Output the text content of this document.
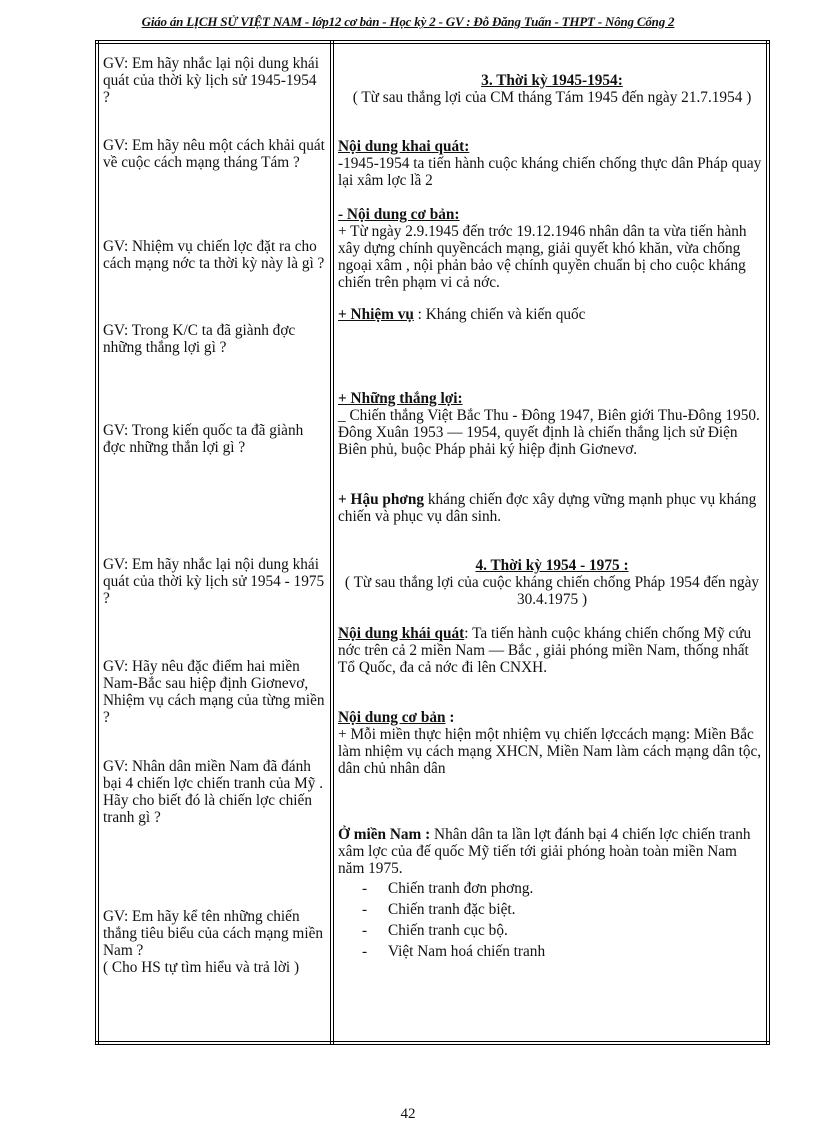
Giáo án LỊCH SỬ VIỆT NAM - lớp12 cơ bản - Học kỳ 2 - GV : Đỗ Đăng Tuấn - THPT - Nông Cống 2
GV: Em hãy nhắc lại nội dung khái quát của thời kỳ lịch sử 1945-1954 ?
GV: Em hãy nêu một cách khải quát về cuộc cách mạng tháng Tám ?
GV: Nhiệm vụ chiến lợc đặt ra cho cách mạng nớc ta thời kỳ này là gì ?
GV: Trong K/C ta đã giành đợc những thắng lợi gì ?
GV: Trong kiến quốc ta đã giành đợc những thắn lợi gì ?
GV: Em hãy nhắc lại nội dung khái quát của thời kỳ lịch sử 1954 - 1975 ?
GV: Hãy nêu đặc điểm hai miền Nam-Bắc sau hiệp định Giơnevơ, Nhiệm vụ cách mạng của từng miền ?
GV: Nhân dân miền Nam đã đánh bại 4 chiến lợc chiến tranh của Mỹ . Hãy cho biết đó là chiến lợc chiến tranh gì ?
GV: Em hãy kể tên những chiến thắng tiêu biểu của cách mạng miền Nam ?
( Cho HS tự tìm hiểu và trả lời )
3. Thời kỳ 1945-1954:
( Từ sau thắng lợi của CM tháng Tám 1945 đến ngày 21.7.1954 )
Nội dung khai quát:
-1945-1954 ta tiến hành cuộc kháng chiến chống thực dân Pháp quay lại xâm lợc lầ 2
- Nội dung cơ bản:
+ Từ ngày 2.9.1945 đến trớc 19.12.1946 nhân dân ta vừa tiến hành xây dựng chính quyềncách mạng, giải quyết khó khăn, vừa chống ngoại xâm , nội phản bảo vệ chính quyền chuẩn bị cho cuộc kháng chiến trên phạm vi cả nớc.
+ Nhiệm vụ : Kháng chiến và kiến quốc
+ Những thắng lợi:
_ Chiến thắng Việt Bắc Thu - Đông 1947, Biên giới Thu-Đông 1950. Đông Xuân 1953 — 1954, quyết định là chiến thắng lịch sử Điện Biên phủ, buộc Pháp phải ký hiệp định Giơnevơ.
+ Hậu phơng kháng chiến đợc xây dựng vững mạnh phục vụ kháng chiến và phục vụ dân sinh.
4. Thời kỳ 1954 - 1975 :
( Từ sau thắng lợi của cuộc kháng chiến chống Pháp 1954 đến ngày 30.4.1975 )
Nội dung khái quát: Ta tiến hành cuộc kháng chiến chống Mỹ cứu nớc trên cả 2 miền Nam — Bắc , giải phóng miền Nam, thống nhất Tổ Quốc, đa cả nớc đi lên CNXH.
Nội dung cơ bản :
+ Mỗi miền thực hiện một nhiệm vụ chiến lợccách mạng: Miền Bắc làm nhiệm vụ cách mạng XHCN, Miền Nam làm cách mạng dân tộc, dân chủ nhân dân
Ở miền Nam : Nhân dân ta lần lợt đánh bại 4 chiến lợc chiến tranh xâm lợc của đế quốc Mỹ tiến tới giải phóng hoàn toàn miền Nam năm 1975.
-	Chiến tranh đơn phơng.
-	Chiến tranh đặc biệt.
-	Chiến tranh cục bộ.
-	Việt Nam hoá chiến tranh
42
